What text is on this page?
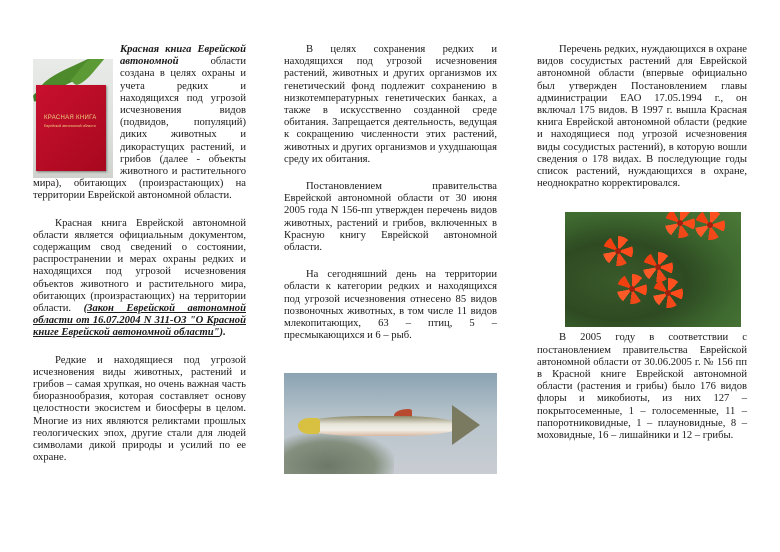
Красная книга Еврейской автономной области создана в целях охраны и учета редких и находящихся под угрозой исчезновения видов (подвидов, популяций) диких животных и дикорастущих растений, и грибов (далее - объекты животного и растительного мира), обитающих (произрастающих) на территории Еврейской автономной области.

Красная книга Еврейской автономной области является официальным документом, содержащим свод сведений о состоянии, распространении и мерах охраны редких и находящихся под угрозой исчезновения объектов животного и растительного мира, обитающих (произрастающих) на территории области. (Закон Еврейской автономной области от 16.07.2004 N 311-ОЗ "О Красной книге Еврейской автономной области").

Редкие и находящиеся под угрозой исчезновения виды животных, растений и грибов – самая хрупкая, но очень важная часть биоразнообразия, которая составляет основу целостности экосистем и биосферы в целом. Многие из них являются реликтами прошлых геологических эпох, другие стали для людей символами дикой природы и усилий по ее охране.

КРАСНАЯ КНИГА
Еврейской автономной области

В целях сохранения редких и находящихся под угрозой исчезновения растений, животных и других организмов их генетический фонд подлежит сохранению в низкотемпературных генетических банках, а также в искусственно созданной среде обитания. Запрещается деятельность, ведущая к сокращению численности этих растений, животных и других организмов и ухудшающая среду их обитания.

Постановлением правительства Еврейской автономной области от 30 июня 2005 года N 156-пп утвержден перечень видов животных, растений и грибов, включенных в Красную книгу Еврейской автономной области.

На сегодняшний день на территории области к категории редких и находящихся под угрозой исчезновения отнесено 85 видов позвоночных животных, в том числе 11 видов млекопитающих, 63 – птиц, 5 – пресмыкающихся и 6 – рыб.

Перечень редких, нуждающихся в охране видов сосудистых растений для Еврейской автономной области (впервые официально был утвержден Постановлением главы администрации ЕАО 17.05.1994 г., он включал 175 видов. В 1997 г. вышла Красная книга Еврейской автономной области (редкие и находящиеся под угрозой исчезновения виды сосудистых растений), в которую вошли сведения о 178 видах. В последующие годы список растений, нуждающихся в охране, неоднократно корректировался.

В 2005 году в соответствии с постановлением правительства Еврейской автономной области от 30.06.2005 г. № 156 пп в Красной книге Еврейской автономной области (растения и грибы) было 176 видов флоры и микобиоты, из них 127 – покрытосеменные, 1 – голосеменные, 11 – папоротниковидные, 1 – плауновидные, 8 – моховидные, 16 – лишайники и 12 – грибы.
